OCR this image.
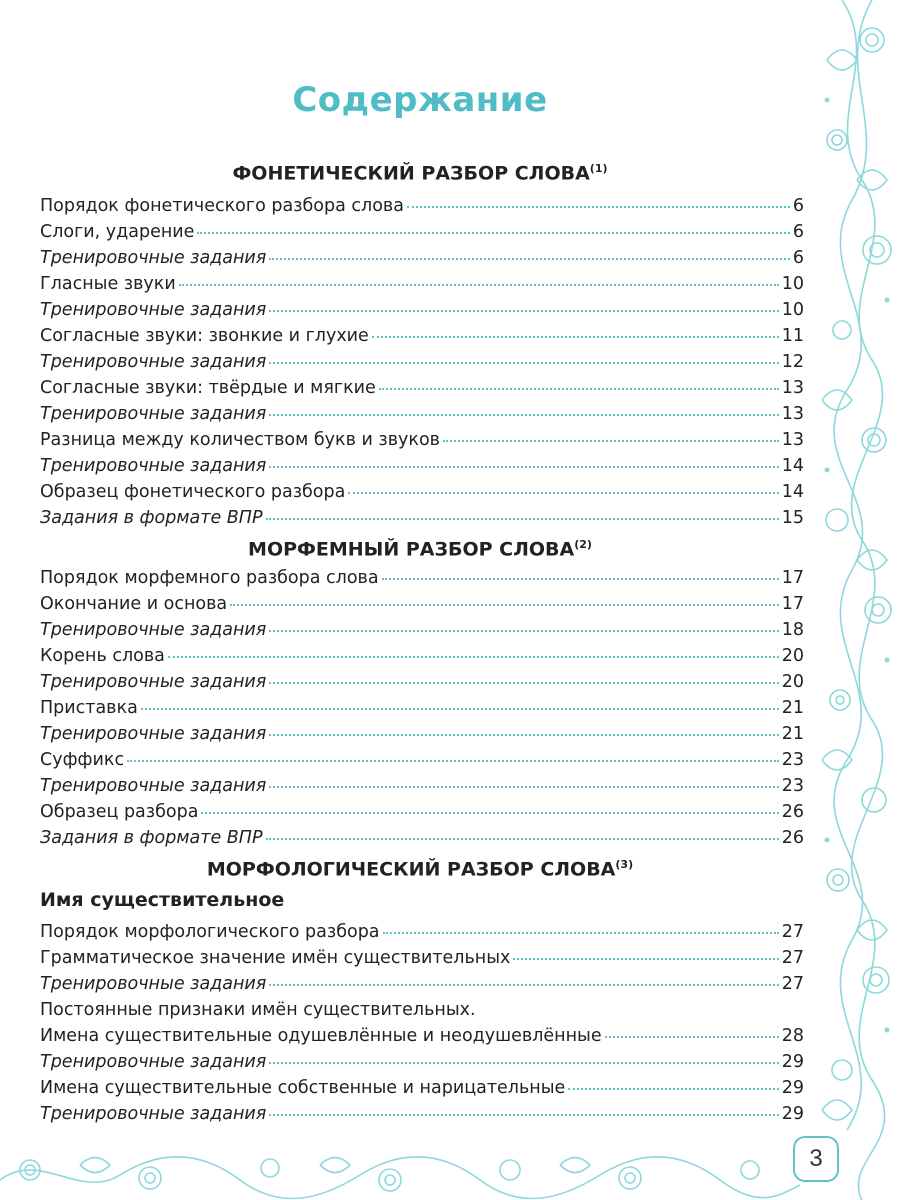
3
Содержание
ФОНЕТИЧЕСКИЙ РАЗБОР СЛОВА$^{(1)}$
Порядок фонетического разбора слова	6
Слоги, ударение	6
Тренировочные задания	6
Гласные звуки	10
Тренировочные задания	10
Согласные звуки: звонкие и глухие	11
Тренировочные задания	12
Согласные звуки: твёрдые и мягкие	13
Тренировочные задания	13
Разница между количеством букв и звуков	13
Тренировочные задания	14
Образец фонетического разбора	14
Задания в формате ВПР	15
МОРФЕМНЫЙ РАЗБОР СЛОВА$^{(2)}$
Порядок морфемного разбора слова	17
Окончание и основа	17
Тренировочные задания	18
Корень слова	20
Тренировочные задания	20
Приставка	21
Тренировочные задания	21
Суффикс	23
Тренировочные задания	23
Образец разбора	26
Задания в формате ВПР	26
МОРФОЛОГИЧЕСКИЙ РАЗБОР СЛОВА$^{(3)}$
Имя существительное
Порядок морфологического разбора	27
Грамматическое значение имён существительных	27
Тренировочные задания	27
Постоянные признаки имён существительных.
Имена существительные одушевлённые и неодушевлённые	28
Тренировочные задания	29
Имена существительные собственные и нарицательные	29
Тренировочные задания	29
